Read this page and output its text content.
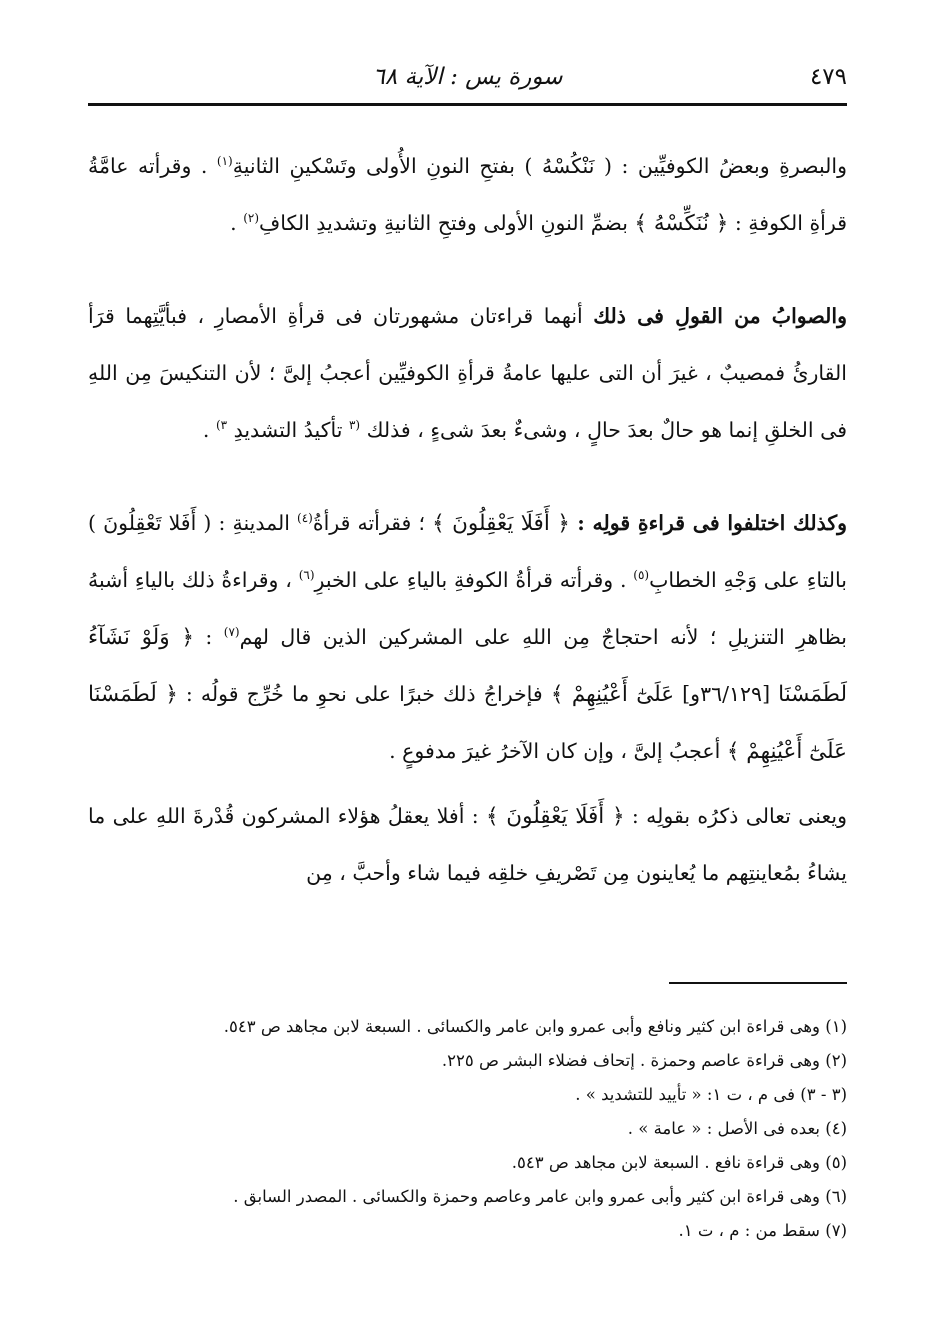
٤٧٩
سورة يس : الآية ٦٨

والبصرةِ وبعضُ الكوفيِّين : ( نَنْكُسْهُ ) بفتحِ النونِ الأُولى وتَسْكينِ الثانيةِ$^{(١)}$ . وقرأته عامَّةُ قرأةِ الكوفةِ : ﴿ نُنَكِّسْهُ ﴾ بضمِّ النونِ الأولى وفتحِ الثانيةِ وتشديدِ الكافِ$^{(٢)}$ .

والصوابُ من القولِ فى ذلك أنهما قراءتان مشهورتان فى قرأةِ الأمصارِ ، فبأيَّتِهما قرَأ القارئُ فمصيبٌ ، غيرَ أن التى عليها عامةُ قرأةِ الكوفيِّين أعجبُ إلىَّ ؛ لأن التنكيسَ مِن اللهِ فى الخلقِ إنما هو حالٌ بعدَ حالٍ ، وشىءٌ بعدَ شىءٍ ، فذلك $^{(٣}$ تأكيدُ التشديدِ $^{٣)}$ .

وكذلك اختلفوا فى قراءةِ قولِه : ﴿ أَفَلَا يَعْقِلُونَ ﴾ ؛ فقرأته قرأةُ$^{(٤)}$ المدينةِ : ( أَفَلا تَعْقِلُونَ ) بالتاءِ على وَجْهِ الخطابِ$^{(٥)}$ . وقرأته قرأةُ الكوفةِ بالياءِ على الخبرِ$^{(٦)}$ ، وقراءةُ ذلك بالياءِ أشبهُ بظاهرِ التنزيلِ ؛ لأنه احتجاجٌ مِن اللهِ على المشركين الذين قال لهم$^{(٧)}$ : ﴿ وَلَوْ نَشَآءُ لَطَمَسْنَا [٣٦/١٢٩و] عَلَىٰٓ أَعْيُنِهِمْ ﴾ فإخراجُ ذلك خبرًا على نحوِ ما خُرِّج قولُه : ﴿ لَطَمَسْنَا عَلَىٰٓ أَعْيُنِهِمْ ﴾ أعجبُ إلىَّ ، وإن كان الآخرُ غيرَ مدفوعٍ .

ويعنى تعالى ذكرُه بقولِه : ﴿ أَفَلَا يَعْقِلُونَ ﴾ : أفلا يعقلُ هؤلاء المشركون قُدْرةَ اللهِ على ما يشاءُ بمُعاينتِهم ما يُعاينون مِن تَصْريفِ خلقِه فيما شاء وأحبَّ ، مِن

(١) وهى قراءة ابن كثير ونافع وأبى عمرو وابن عامر والكسائى . السبعة لابن مجاهد ص ٥٤٣.
(٢) وهى قراءة عاصم وحمزة . إتحاف فضلاء البشر ص ٢٢٥.
(٣ - ٣) فى م ، ت ١: « تأييد للتشديد » .
(٤) بعده فى الأصل : « عامة » .
(٥) وهى قراءة نافع . السبعة لابن مجاهد ص ٥٤٣.
(٦) وهى قراءة ابن كثير وأبى عمرو وابن عامر وعاصم وحمزة والكسائى . المصدر السابق .
(٧) سقط من : م ، ت ١.
